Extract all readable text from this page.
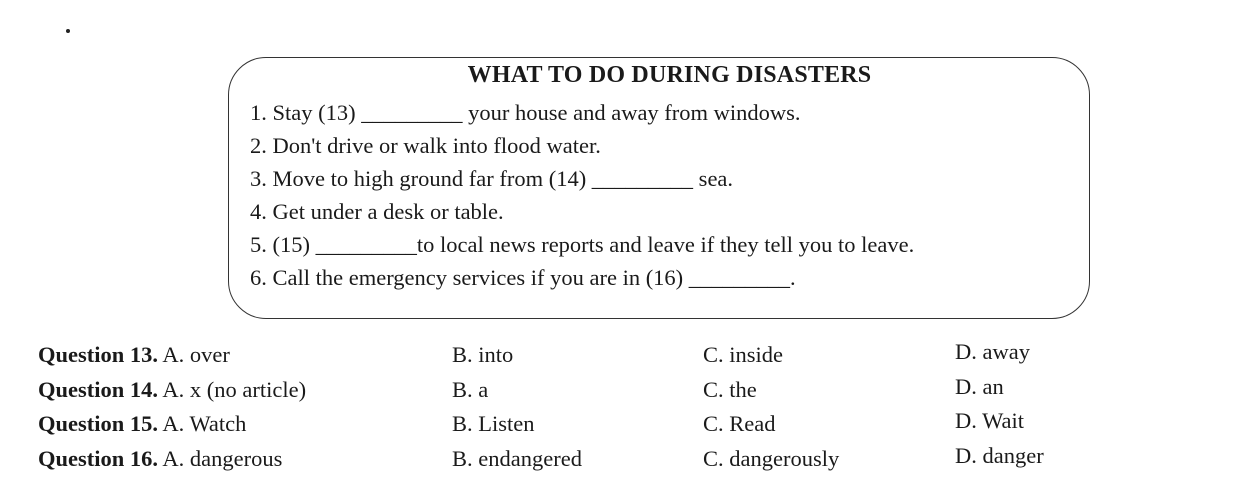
WHAT TO DO DURING DISASTERS
1. Stay (13) _________ your house and away from windows.
2. Don't drive or walk into flood water.
3. Move to high ground far from (14) _________ sea.
4. Get under a desk or table.
5. (15) _________to local news reports and leave if they tell you to leave.
6. Call the emergency services if you are in (16) _________.
Question 13. A. over	B. into	C. inside	D. away
Question 14. A. x (no article)	B. a	C. the	D. an
Question 15. A. Watch	B. Listen	C. Read	D. Wait
Question 16. A. dangerous	B. endangered	C. dangerously	D. danger
